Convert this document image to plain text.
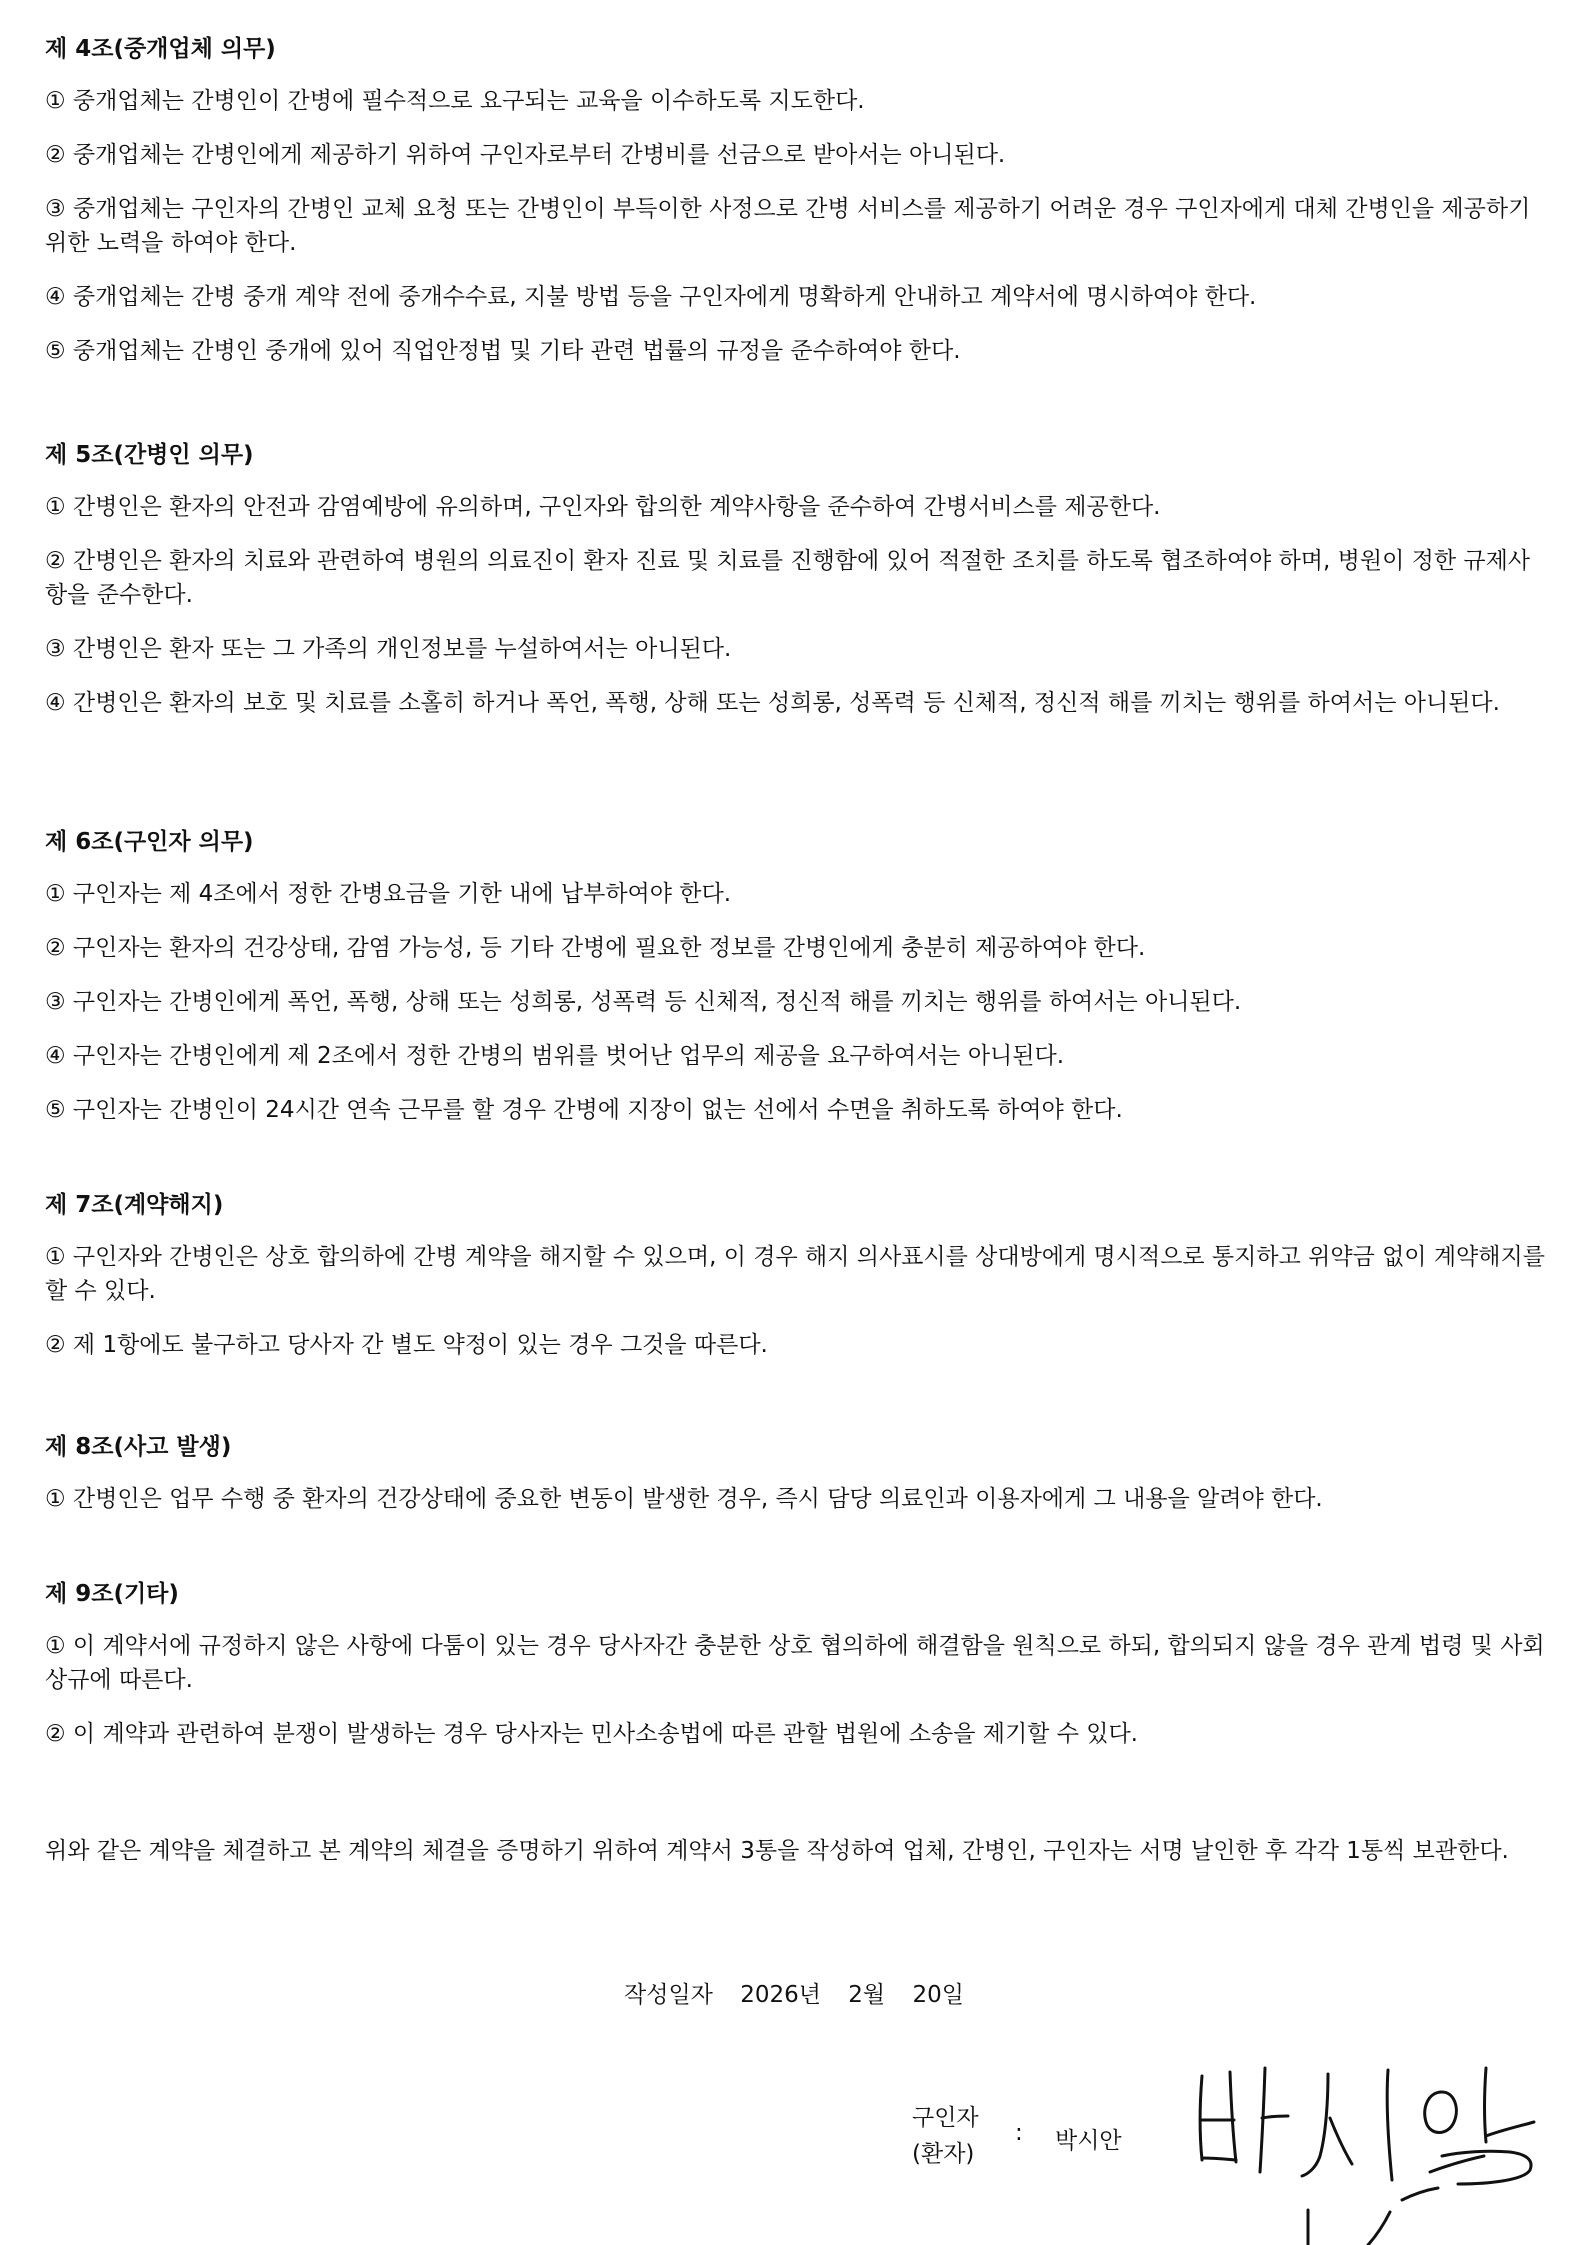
제 4조(중개업체 의무)

① 중개업체는 간병인이 간병에 필수적으로 요구되는 교육을 이수하도록 지도한다.

② 중개업체는 간병인에게 제공하기 위하여 구인자로부터 간병비를 선금으로 받아서는 아니된다.

③ 중개업체는 구인자의 간병인 교체 요청 또는 간병인이 부득이한 사정으로 간병 서비스를 제공하기 어려운 경우 구인자에게 대체 간병인을 제공하기 위한 노력을 하여야 한다.

④ 중개업체는 간병 중개 계약 전에 중개수수료, 지불 방법 등을 구인자에게 명확하게 안내하고 계약서에 명시하여야 한다.

⑤ 중개업체는 간병인 중개에 있어 직업안정법 및 기타 관련 법률의 규정을 준수하여야 한다.

제 5조(간병인 의무)

① 간병인은 환자의 안전과 감염예방에 유의하며, 구인자와 합의한 계약사항을 준수하여 간병서비스를 제공한다.

② 간병인은 환자의 치료와 관련하여 병원의 의료진이 환자 진료 및 치료를 진행함에 있어 적절한 조치를 하도록 협조하여야 하며, 병원이 정한 규제사항을 준수한다.

③ 간병인은 환자 또는 그 가족의 개인정보를 누설하여서는 아니된다.

④ 간병인은 환자의 보호 및 치료를 소홀히 하거나 폭언, 폭행, 상해 또는 성희롱, 성폭력 등 신체적, 정신적 해를 끼치는 행위를 하여서는 아니된다.

제 6조(구인자 의무)

① 구인자는 제 4조에서 정한 간병요금을 기한 내에 납부하여야 한다.

② 구인자는 환자의 건강상태, 감염 가능성, 등 기타 간병에 필요한 정보를 간병인에게 충분히 제공하여야 한다.

③ 구인자는 간병인에게 폭언, 폭행, 상해 또는 성희롱, 성폭력 등 신체적, 정신적 해를 끼치는 행위를 하여서는 아니된다.

④ 구인자는 간병인에게 제 2조에서 정한 간병의 범위를 벗어난 업무의 제공을 요구하여서는 아니된다.

⑤ 구인자는 간병인이 24시간 연속 근무를 할 경우 간병에 지장이 없는 선에서 수면을 취하도록 하여야 한다.

제 7조(계약해지)

① 구인자와 간병인은 상호 합의하에 간병 계약을 해지할 수 있으며, 이 경우 해지 의사표시를 상대방에게 명시적으로 통지하고 위약금 없이 계약해지를 할 수 있다.

② 제 1항에도 불구하고 당사자 간 별도 약정이 있는 경우 그것을 따른다.

제 8조(사고 발생)

① 간병인은 업무 수행 중 환자의 건강상태에 중요한 변동이 발생한 경우, 즉시 담당 의료인과 이용자에게 그 내용을 알려야 한다.

제 9조(기타)

① 이 계약서에 규정하지 않은 사항에 다툼이 있는 경우 당사자간 충분한 상호 협의하에 해결함을 원칙으로 하되, 합의되지 않을 경우 관계 법령 및 사회상규에 따른다.

② 이 계약과 관련하여 분쟁이 발생하는 경우 당사자는 민사소송법에 따른 관할 법원에 소송을 제기할 수 있다.

위와 같은 계약을 체결하고 본 계약의 체결을 증명하기 위하여 계약서 3통을 작성하여 업체, 간병인, 구인자는 서명 날인한 후 각각 1통씩 보관한다.

작성일자 2026년 2월 20일
구인자
(환자)
: 박시안
